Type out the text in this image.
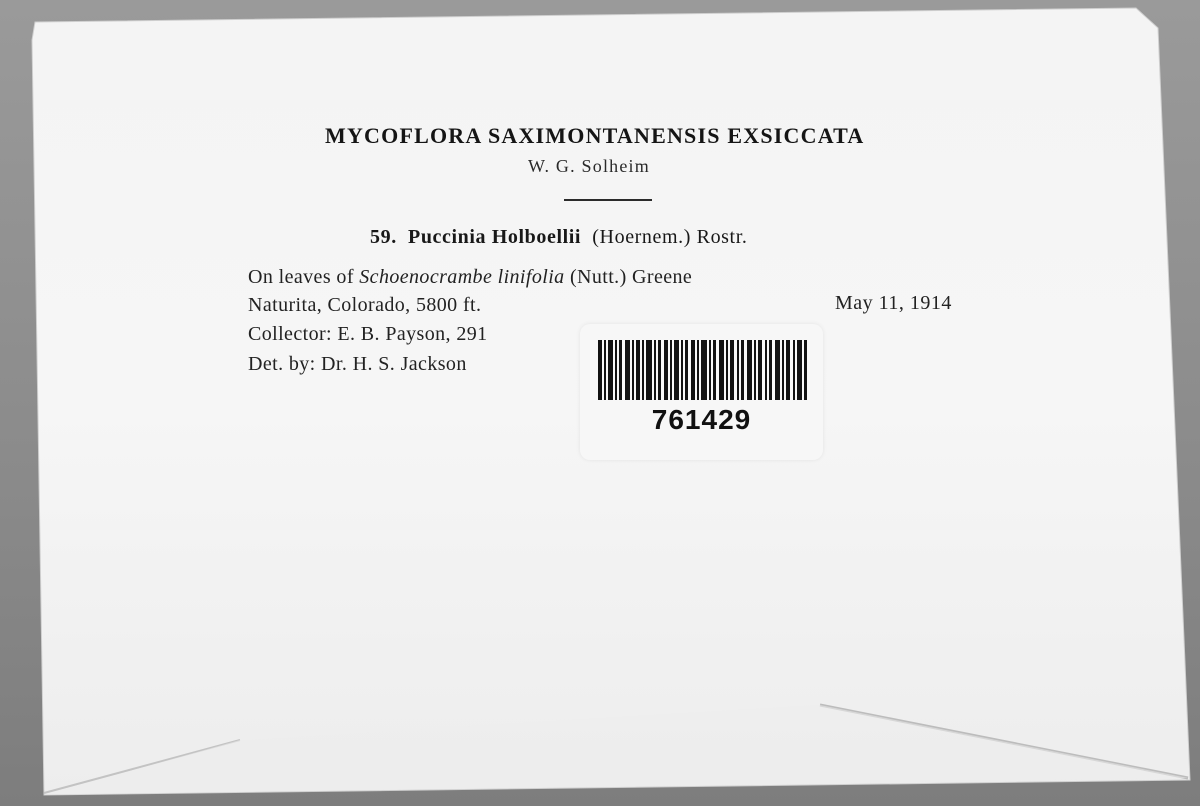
MYCOFLORA SAXIMONTANENSIS EXSICCATA
W. G. Solheim
59. Puccinia Holboellii (Hoernem.) Rostr.
On leaves of Schoenocrambe linifolia (Nutt.) Greene
Naturita, Colorado, 5800 ft.	May 11, 1914
Collector: E. B. Payson, 291
Det. by: Dr. H. S. Jackson
761429
